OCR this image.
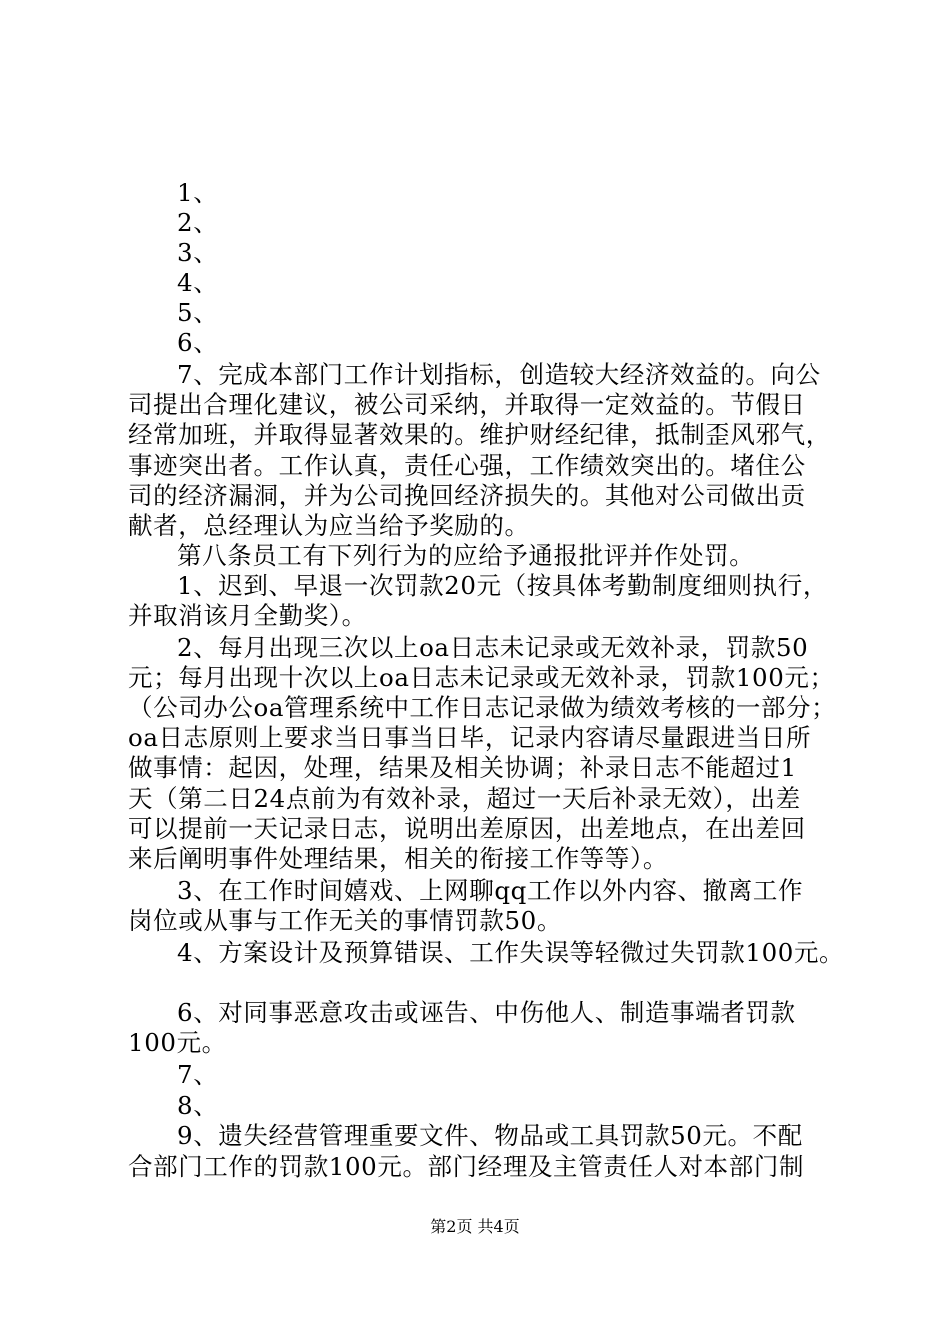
1、
2、
3、
4、
5、
6、
7、完成本部门工作计划指标，创造较大经济效益的。向公
司提出合理化建议，被公司采纳，并取得一定效益的。节假日
经常加班，并取得显著效果的。维护财经纪律，抵制歪风邪气，
事迹突出者。工作认真，责任心强，工作绩效突出的。堵住公
司的经济漏洞，并为公司挽回经济损失的。其他对公司做出贡
献者，总经理认为应当给予奖励的。
第八条员工有下列行为的应给予通报批评并作处罚。
1、迟到、早退一次罚款20元（按具体考勤制度细则执行，
并取消该月全勤奖）。
2、每月出现三次以上oa日志未记录或无效补录，罚款50
元；每月出现十次以上oa日志未记录或无效补录，罚款100元；
（公司办公oa管理系统中工作日志记录做为绩效考核的一部分；
oa日志原则上要求当日事当日毕，记录内容请尽量跟进当日所
做事情：起因，处理，结果及相关协调；补录日志不能超过1
天（第二日24点前为有效补录，超过一天后补录无效），出差
可以提前一天记录日志，说明出差原因，出差地点，在出差回
来后阐明事件处理结果，相关的衔接工作等等）。
3、在工作时间嬉戏、上网聊qq工作以外内容、撤离工作
岗位或从事与工作无关的事情罚款50。
4、方案设计及预算错误、工作失误等轻微过失罚款100元。
6、对同事恶意攻击或诬告、中伤他人、制造事端者罚款
100元。
7、
8、
9、遗失经营管理重要文件、物品或工具罚款50元。不配
合部门工作的罚款100元。部门经理及主管责任人对本部门制
第2页 共4页
